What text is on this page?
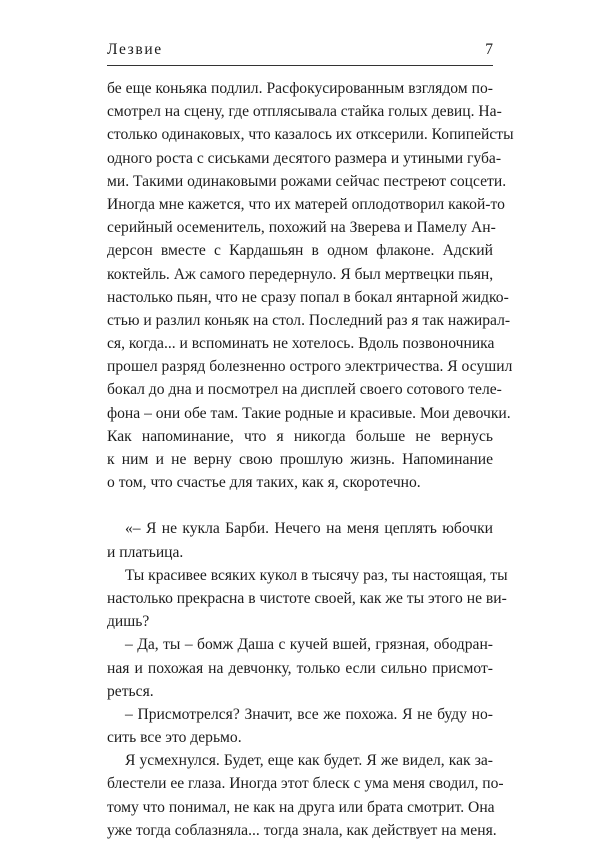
Лезвие	7
бе еще коньяка подлил. Расфокусированным взглядом по-
смотрел на сцену, где отплясывала стайка голых девиц. На-
столько одинаковых, что казалось их отксерили. Копипейсты
одного роста с сиськами десятого размера и утиными губа-
ми. Такими одинаковыми рожами сейчас пестреют соцсети.
Иногда мне кажется, что их матерей оплодотворил какой-то
серийный осеменитель, похожий на Зверева и Памелу Ан-
дерсон вместе с Кардашьян в одном флаконе. Адский
коктейль. Аж самого передернуло. Я был мертвецки пьян,
настолько пьян, что не сразу попал в бокал янтарной жидко-
стью и разлил коньяк на стол. Последний раз я так нажирал-
ся, когда... и вспоминать не хотелось. Вдоль позвоночника
прошел разряд болезненно острого электричества. Я осушил
бокал до дна и посмотрел на дисплей своего сотового теле-
фона – они обе там. Такие родные и красивые. Мои девочки.
Как напоминание, что я никогда больше не вернусь
к ним и не верну свою прошлую жизнь. Напоминание
о том, что счастье для таких, как я, скоротечно.
«– Я не кукла Барби. Нечего на меня цеплять юбочки
и платьица.
Ты красивее всяких кукол в тысячу раз, ты настоящая, ты
настолько прекрасна в чистоте своей, как же ты этого не ви-
дишь?
– Да, ты – бомж Даша с кучей вшей, грязная, ободран-
ная и похожая на девчонку, только если сильно присмот-
реться.
– Присмотрелся? Значит, все же похожа. Я не буду но-
сить все это дерьмо.
Я усмехнулся. Будет, еще как будет. Я же видел, как за-
блестели ее глаза. Иногда этот блеск с ума меня сводил, по-
тому что понимал, не как на друга или брата смотрит. Она
уже тогда соблазняла... тогда знала, как действует на меня.
